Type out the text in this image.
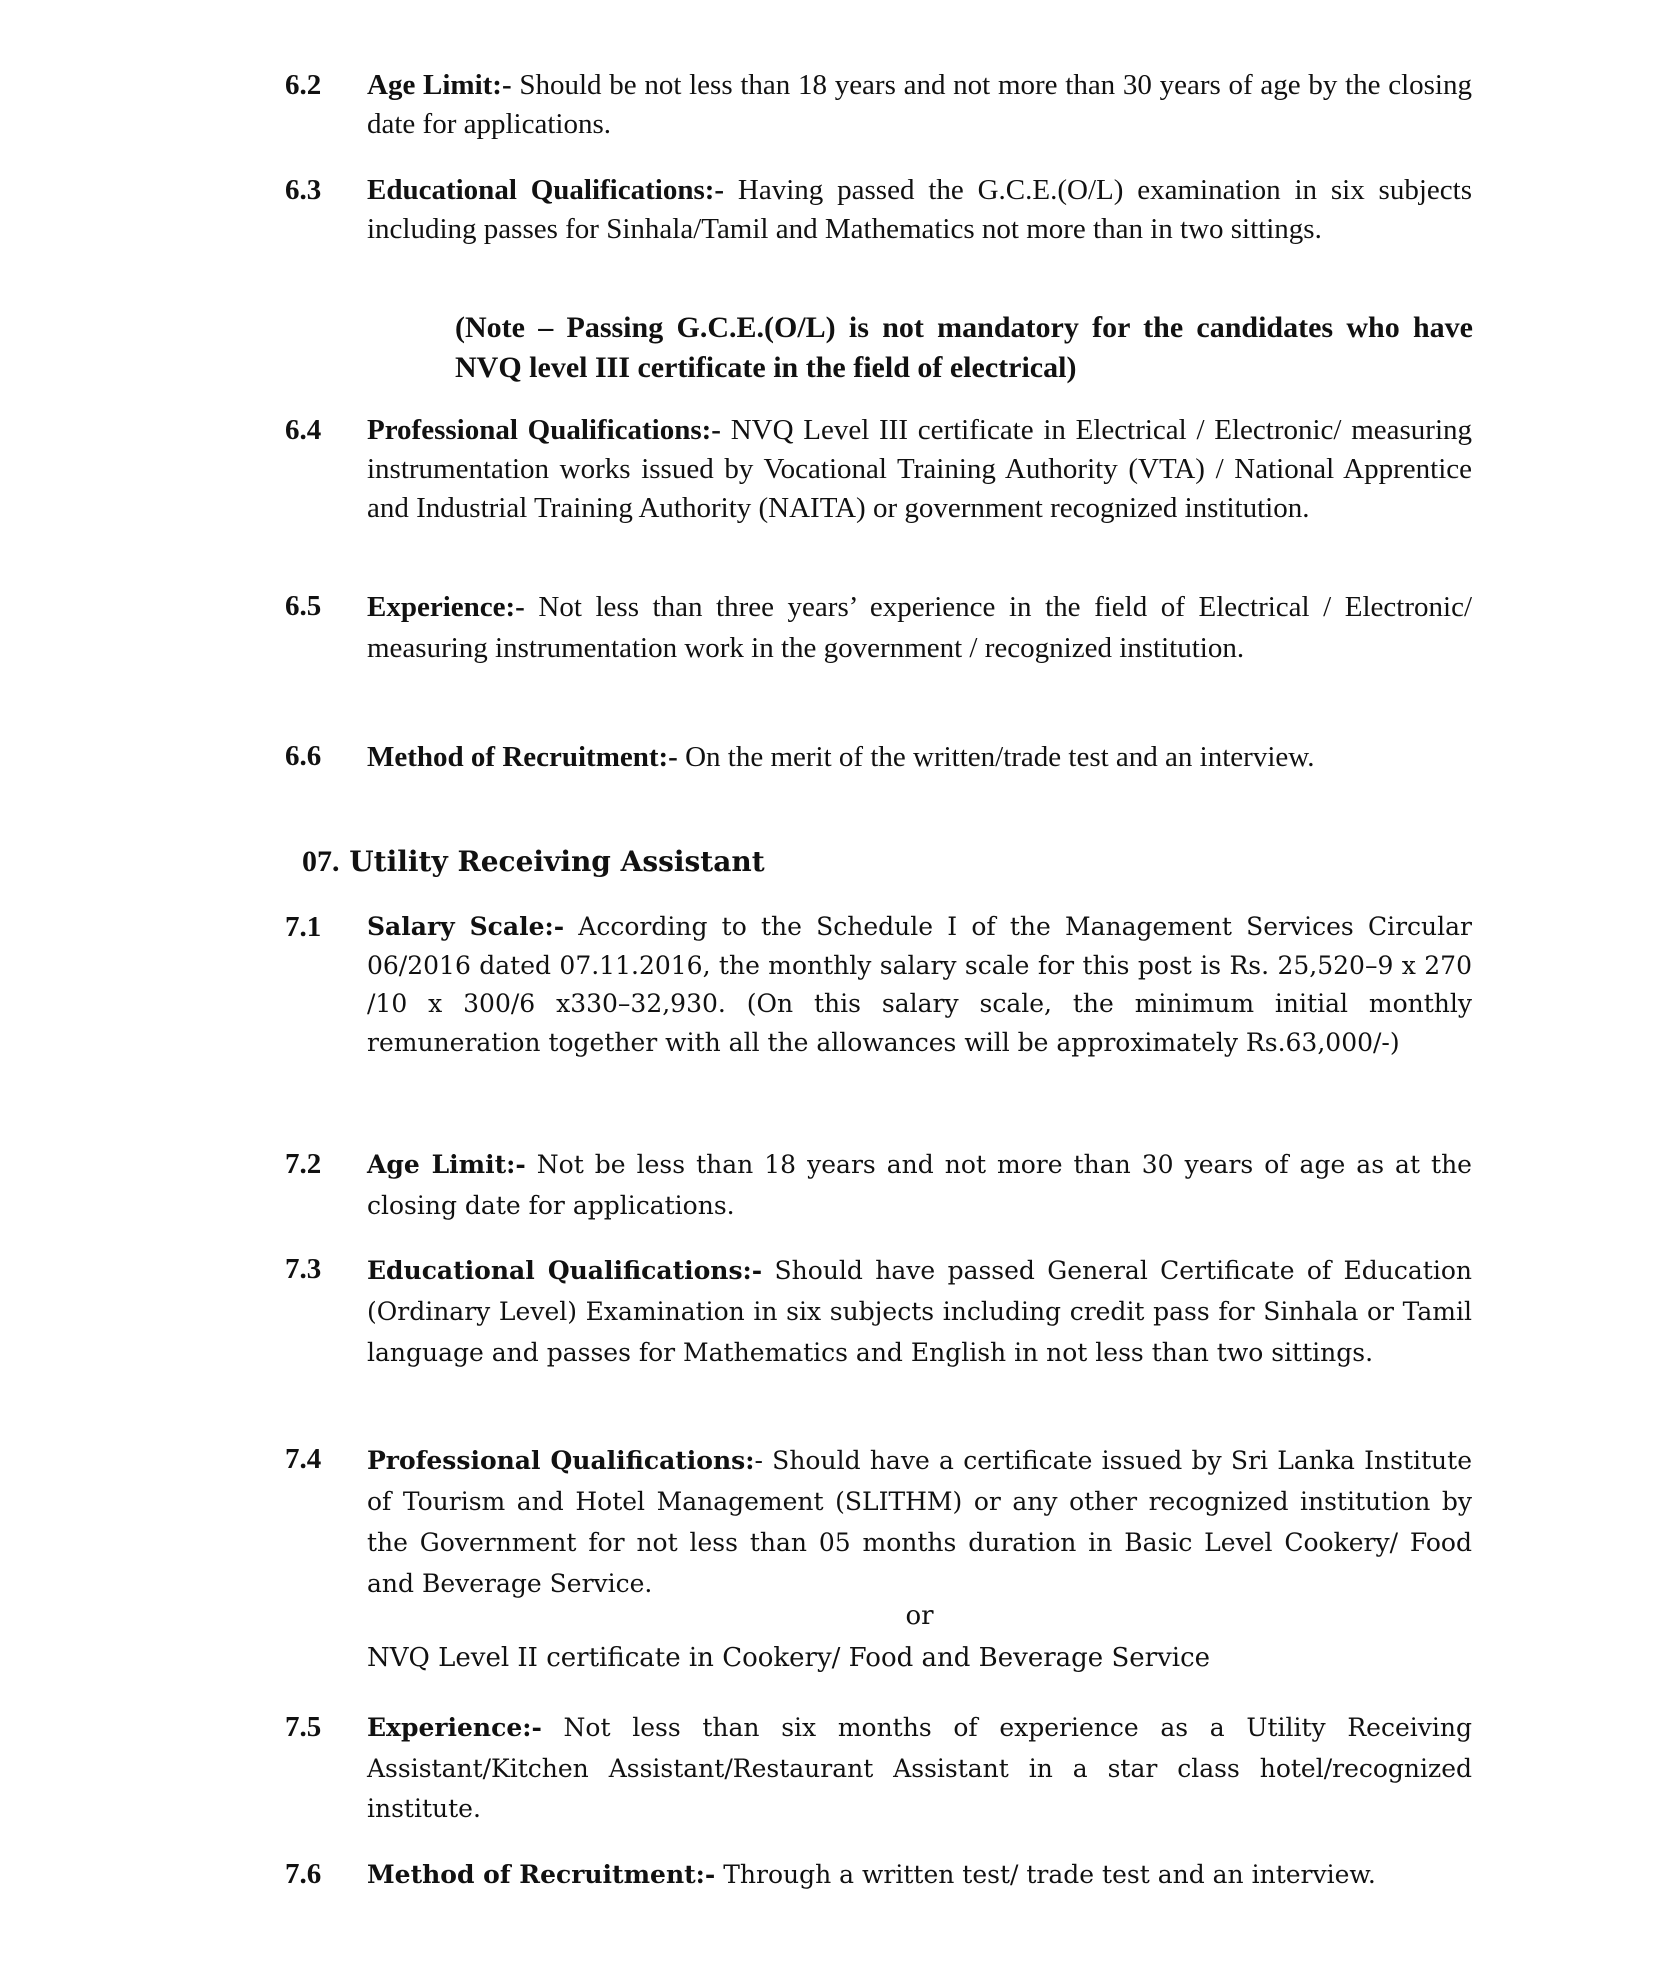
6.2 Age Limit:- Should be not less than 18 years and not more than 30 years of age by the closing date for applications.

6.3 Educational Qualifications:- Having passed the G.C.E.(O/L) examination in six subjects including passes for Sinhala/Tamil and Mathematics not more than in two sittings.

(Note – Passing G.C.E.(O/L) is not mandatory for the candidates who have NVQ level III certificate in the field of electrical)
6.4 Professional Qualifications:- NVQ Level III certificate in Electrical / Electronic/ measuring instrumentation works issued by Vocational Training Authority (VTA) / National Apprentice and Industrial Training Authority (NAITA) or government recognized institution.

6.5 Experience:- Not less than three years’ experience in the field of Electrical / Electronic/ measuring instrumentation work in the government / recognized institution.

6.6 Method of Recruitment:- On the merit of the written/trade test and an interview.

07. Utility Receiving Assistant
7.1 Salary Scale:- According to the Schedule I of the Management Services Circular 06/2016 dated 07.11.2016, the monthly salary scale for this post is Rs. 25,520–9 x 270 /10 x 300/6 x330–32,930. (On this salary scale, the minimum initial monthly remuneration together with all the allowances will be approximately Rs.63,000/-)

7.2 Age Limit:- Not be less than 18 years and not more than 30 years of age as at the closing date for applications.

7.3 Educational Qualifications:- Should have passed General Certificate of Education (Ordinary Level) Examination in six subjects including credit pass for Sinhala or Tamil language and passes for Mathematics and English in not less than two sittings.

7.4 Professional Qualifications:- Should have a certificate issued by Sri Lanka Institute of Tourism and Hotel Management (SLITHM) or any other recognized institution by the Government for not less than 05 months duration in Basic Level Cookery/ Food and Beverage Service.

or
NVQ Level II certificate in Cookery/ Food and Beverage Service
7.5 Experience:- Not less than six months of experience as a Utility Receiving Assistant/Kitchen Assistant/Restaurant Assistant in a star class hotel/recognized institute.

7.6 Method of Recruitment:- Through a written test/ trade test and an interview.
